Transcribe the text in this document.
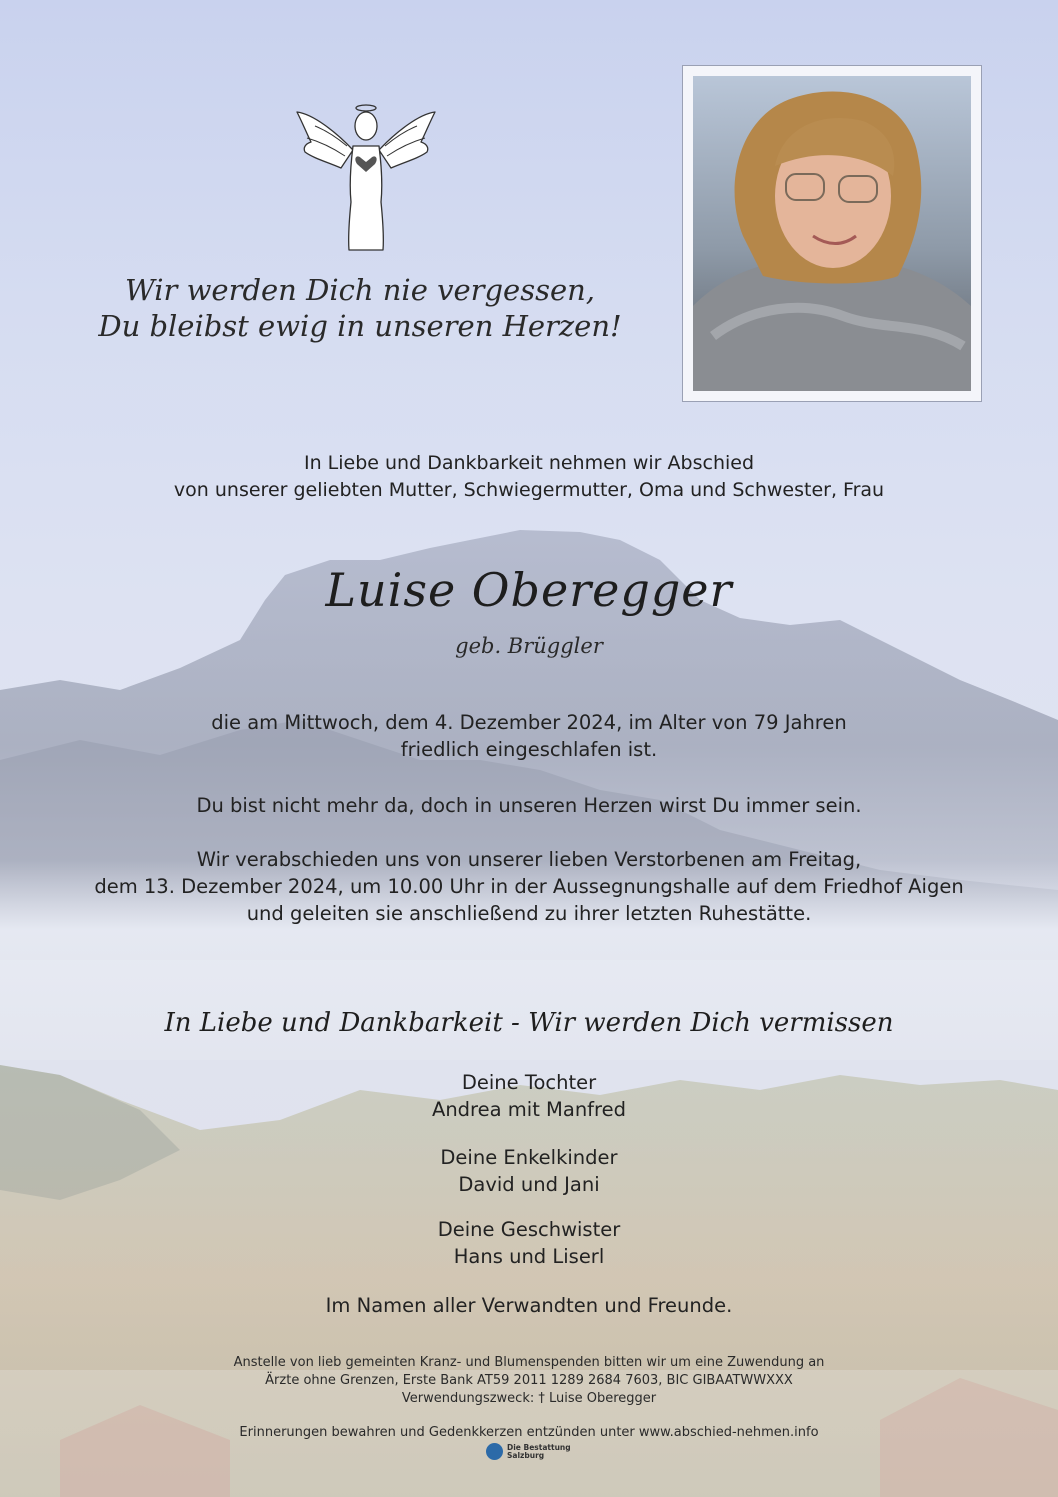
Wir werden Dich nie vergessen,
Du bleibst ewig in unseren Herzen!
In Liebe und Dankbarkeit nehmen wir Abschied
von unserer geliebten Mutter, Schwiegermutter, Oma und Schwester, Frau
Luise Oberegger
geb. Brüggler
die am Mittwoch, dem 4. Dezember 2024, im Alter von 79 Jahren
friedlich eingeschlafen ist.
Du bist nicht mehr da, doch in unseren Herzen wirst Du immer sein.
Wir verabschieden uns von unserer lieben Verstorbenen am Freitag,
dem 13. Dezember 2024, um 10.00 Uhr in der Aussegnungshalle auf dem Friedhof Aigen
und geleiten sie anschließend zu ihrer letzten Ruhestätte.
In Liebe und Dankbarkeit - Wir werden Dich vermissen
Deine Tochter
Andrea mit Manfred
Deine Enkelkinder
David und Jani
Deine Geschwister
Hans und Liserl
Im Namen aller Verwandten und Freunde.
Anstelle von lieb gemeinten Kranz- und Blumenspenden bitten wir um eine Zuwendung an
Ärzte ohne Grenzen, Erste Bank AT59 2011 1289 2684 7603, BIC GIBAATWWXXX
Verwendungszweck: † Luise Oberegger
Erinnerungen bewahren und Gedenkkerzen entzünden unter www.abschied-nehmen.info
Die Bestattung
Salzburg
